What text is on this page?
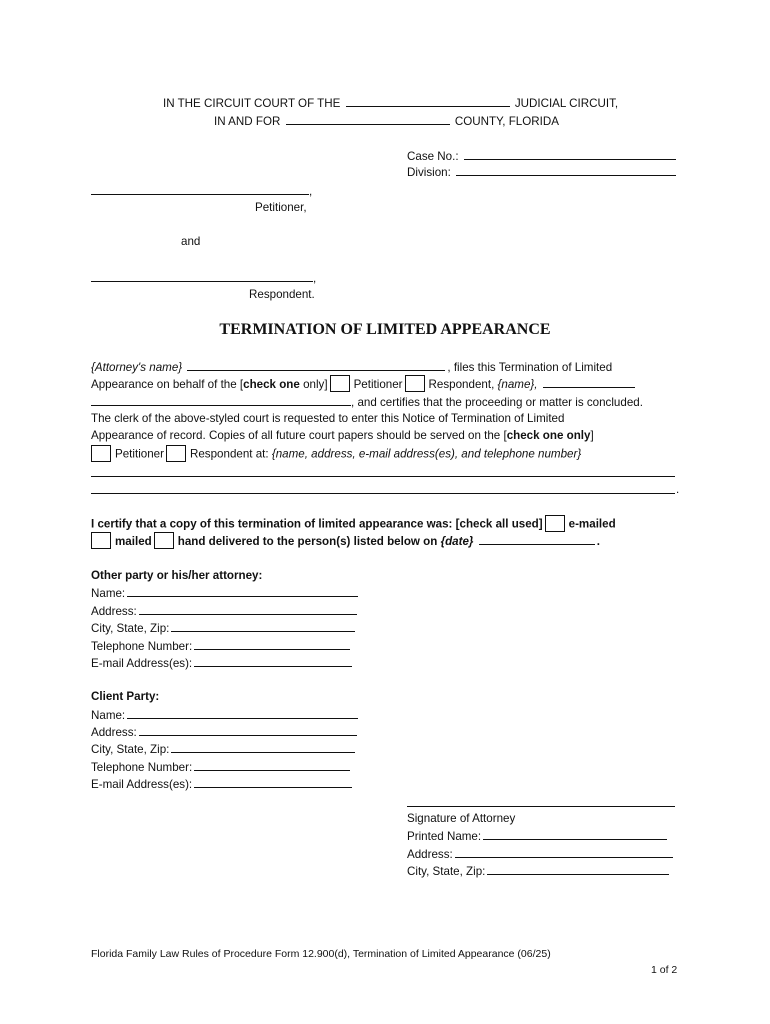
IN THE CIRCUIT COURT OF THE	JUDICIAL CIRCUIT,
IN AND FOR	COUNTY, FLORIDA
Case No.:
Division:
,
Petitioner,
and
,
Respondent.
TERMINATION OF LIMITED APPEARANCE
{Attorney's name}	, files this Termination of Limited
Appearance on behalf of the [check one only] Petitioner Respondent, {name},
, and certifies that the proceeding or matter is concluded.
The clerk of the above-styled court is requested to enter this Notice of Termination of Limited
Appearance of record. Copies of all future court papers should be served on the [check one only]
Petitioner Respondent at: {name, address, e-mail address(es), and telephone number}
.
I certify that a copy of this termination of limited appearance was: [check all used] e-mailed
mailed hand delivered to the person(s) listed below on {date}	.
Other party or his/her attorney:
Name:
Address:
City, State, Zip:
Telephone Number:
E-mail Address(es):
Client Party:
Name:
Address:
City, State, Zip:
Telephone Number:
E-mail Address(es):
Signature of Attorney
Printed Name:
Address:
City, State, Zip:
Florida Family Law Rules of Procedure Form 12.900(d), Termination of Limited Appearance (06/25)
1 of 2
